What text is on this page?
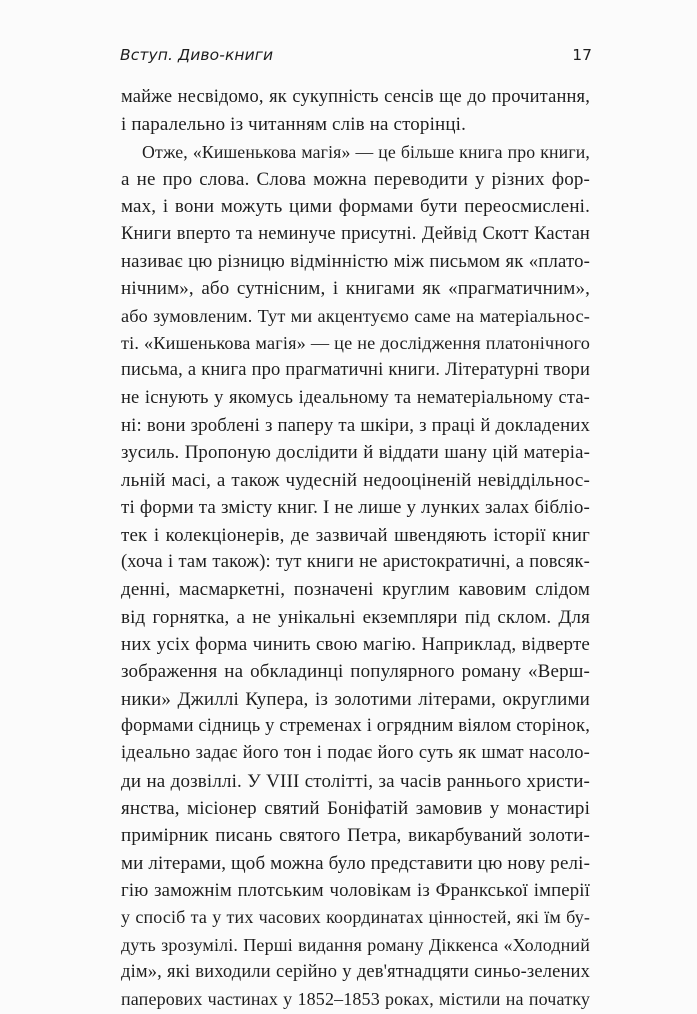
Вступ. Диво-книги	17
майже несвідомо, як сукупність сенсів ще до прочитання,
і паралельно із читанням слів на сторінці.
Отже, «Кишенькова магія» — це більше книга про книги,
а не про слова. Слова можна переводити у різних фор-
мах, і вони можуть цими формами бути переосмислені.
Книги вперто та неминуче присутні. Дейвід Скотт Кастан
називає цю різницю відмінністю між письмом як «плато-
нічним», або сутнісним, і книгами як «прагматичним»,
або зумовленим. Тут ми акцентуємо саме на матеріальнос-
ті. «Кишенькова магія» — це не дослідження платонічного
письма, а книга про прагматичні книги. Літературні твори
не існують у якомусь ідеальному та нематеріальному ста-
ні: вони зроблені з паперу та шкіри, з праці й докладених
зусиль. Пропоную дослідити й віддати шану цій матеріа-
льній масі, а також чудесній недооціненій невіддільнос-
ті форми та змісту книг. І не лише у лунких залах бібліо-
тек і колекціонерів, де зазвичай швендяють історії книг
(хоча і там також): тут книги не аристократичні, а повсяк-
денні, масмаркетні, позначені круглим кавовим слідом
від горнятка, а не унікальні екземпляри під склом. Для
них усіх форма чинить свою магію. Наприклад, відверте
зображення на обкладинці популярного роману «Верш-
ники» Джиллі Купера, із золотими літерами, округлими
формами сідниць у стременах і огрядним віялом сторінок,
ідеально задає його тон і подає його суть як шмат насоло-
ди на дозвіллі. У VIII столітті, за часів раннього христи-
янства, місіонер святий Боніфатій замовив у монастирі
примірник писань святого Петра, викарбуваний золоти-
ми літерами, щоб можна було представити цю нову релі-
гію заможнім плотським чоловікам із Франкської імперії
у спосіб та у тих часових координатах цінностей, які їм бу-
дуть зрозумілі. Перші видання роману Діккенса «Холодний
дім», які виходили серійно у дев'ятнадцяти синьо-зелених
паперових частинах у 1852–1853 роках, містили на початку
